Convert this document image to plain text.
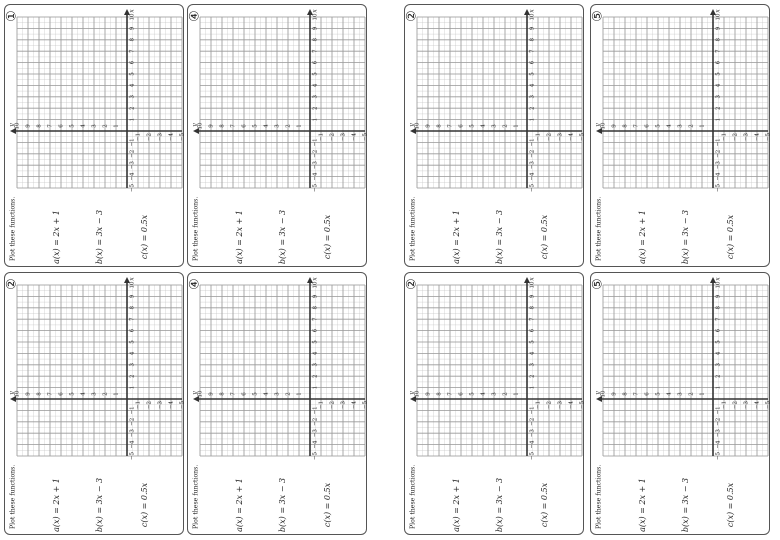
①	x
y	1
2
3
4
5
6
7
8
9
10
−1 −2 −3 −4 −5
1
2
3
4
5
6
7
8
9
10
−1
−2
−3
−4
−5
Plot these functions.	a(x) = 2x + 1	b(x) = 3x − 3	c(x) = 0.5x
④	x
y	1
2
3
4
5
6
7
8
9
10
−1 −2 −3 −4 −5
1
2
3
4
5
6
7
8
9
10
−1
−2
−3
−4
−5
Plot these functions.	a(x) = 2x + 1	b(x) = 3x − 3	c(x) = 0.5x
②	x
y	1
2
3
4
5
6
7
8
9
10
−1 −2 −3 −4 −5
1
2
3
4
5
6
7
8
9
10
−1
−2
−3
−4
−5
Plot these functions.	a(x) = 2x + 1	b(x) = 3x − 3	c(x) = 0.5x
④	x
y	1
2
3
4
5
6
7
8
9
10
−1 −2 −3 −4 −5
1
2
3
4
5
6
7
8
9
10
−1
−2
−3
−4
−5
Plot these functions.	a(x) = 2x + 1	b(x) = 3x − 3	c(x) = 0.5x
②	x
y	1
2
3
4
5
6
7
8
9
10
−1 −2 −3 −4 −5
1
2
3
4
5
6
7
8
9
10
−1
−2
−3
−4
−5
Plot these functions.	a(x) = 2x + 1	b(x) = 3x − 3	c(x) = 0.5x
⑤	x
y	1
2
3
4
5
6
7
8
9
10
−1 −2 −3 −4 −5
1
2
3
4
5
6
7
8
9
10
−1
−2
−3
−4
−5
Plot these functions.	a(x) = 2x + 1	b(x) = 3x − 3	c(x) = 0.5x
②	x
y	1
2
3
4
5
6
7
8
9
10
−1 −2 −3 −4 −5
1
2
3
4
5
6
7
8
9
10
−1
−2
−3
−4
−5
Plot these functions.	a(x) = 2x + 1	b(x) = 3x − 3	c(x) = 0.5x
⑤	x
y	1
2
3
4
5
6
7
8
9
10
−1 −2 −3 −4 −5
1
2
3
4
5
6
7
8
9
10
−1
−2
−3
−4
−5
Plot these functions.	a(x) = 2x + 1	b(x) = 3x − 3	c(x) = 0.5x
